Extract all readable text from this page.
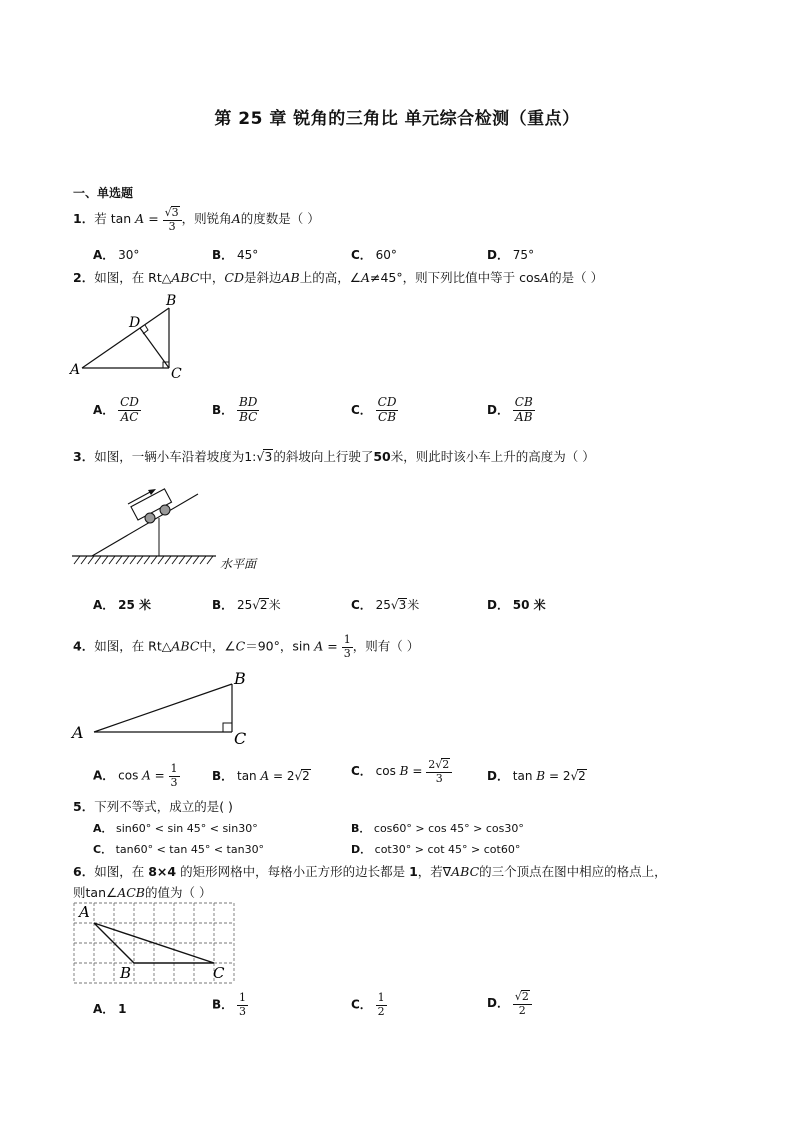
第 25 章 锐角的三角比 单元综合检测（重点）
一、单选题
1．若 $\tan A = \frac{√3}{3}$ ，则锐角A的度数是（ ）
A． 30°	B． 45°	C． 60°	D． 75°
2．如图，在 Rt△ABC中，CD是斜边AB上的高，∠A≠45°，则下列比值中等于 cosA的是（ ）
B
D
A	C
A． $\frac{CD}{AC}$	B． $\frac{BD}{BC}$	C． $\frac{CD}{CB}$	D． $\frac{CB}{AB}$
3．如图，一辆小车沿着坡度为1:√3的斜坡向上行驶了50米，则此时该小车上升的高度为（ ）
水平面
A． 25 米	B． 25√2米	C． 25√3米	D． 50 米
4．如图，在 Rt△ABC中，∠C＝90°，$\sin A = \frac{1}{3}$ ，则有（ ）
B
A	C
A． $\cos A = \frac{1}{3}$	B． tan A = 2√2	C． $\cos B = \frac{2√2}{3}$	D． tan B = 2√2
5．下列不等式，成立的是( )
A． sin60° < sin 45° < sin30°	B． cos60° > cos 45° > cos30°
C． tan60° < tan 45° < tan30°	D． cot30° > cot 45° > cot60°
6．如图，在 8×4 的矩形网格中，每格小正方形的边长都是 1，若∇ABC的三个顶点在图中相应的格点上，
则tan∠ACB的值为（ ）
A
B	C
A． 1	B． $\frac{1}{3}$	C． $\frac{1}{2}$	D． $\frac{√2}{2}$
